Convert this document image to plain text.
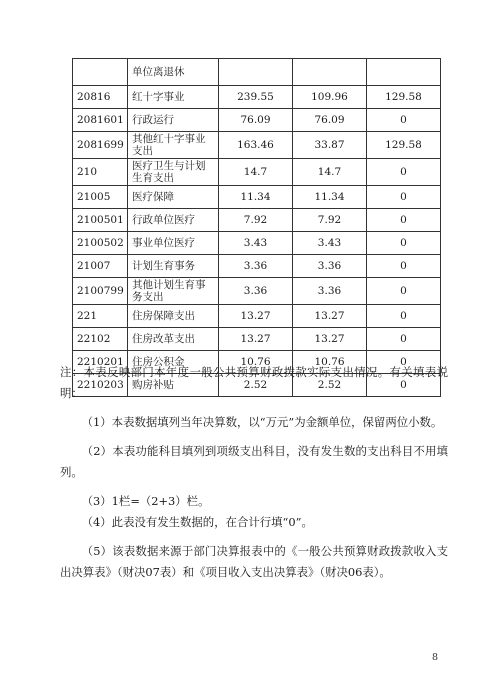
	单位离退休			
20816	红十字事业	239.55	109.96	129.58
2081601	行政运行	76.09	76.09	0
2081699	其他红十字事业支出	163.46	33.87	129.58
210	医疗卫生与计划生育支出	14.7	14.7	0
21005	医疗保障	11.34	11.34	0
2100501	行政单位医疗	7.92	7.92	0
2100502	事业单位医疗	3.43	3.43	0
21007	计划生育事务	3.36	3.36	0
2100799	其他计划生育事务支出	3.36	3.36	0
221	住房保障支出	13.27	13.27	0
22102	住房改革支出	13.27	13.27	0
2210201	住房公积金	10.76	10.76	0
2210203	购房补贴	2.52	2.52	0

注：本表反映部门本年度一般公共预算财政拨款实际支出情况。有关填表说明：

（1）本表数据填列当年决算数，以“万元”为金额单位，保留两位小数。

（2）本表功能科目填列到项级支出科目，没有发生数的支出科目不用填列。

（3）1栏=（2+3）栏。

（4）此表没有发生数据的，在合计行填“0”。

（5）该表数据来源于部门决算报表中的《一般公共预算财政拨款收入支出决算表》（财决07表）和《项目收入支出决算表》（财决06表）。

8
